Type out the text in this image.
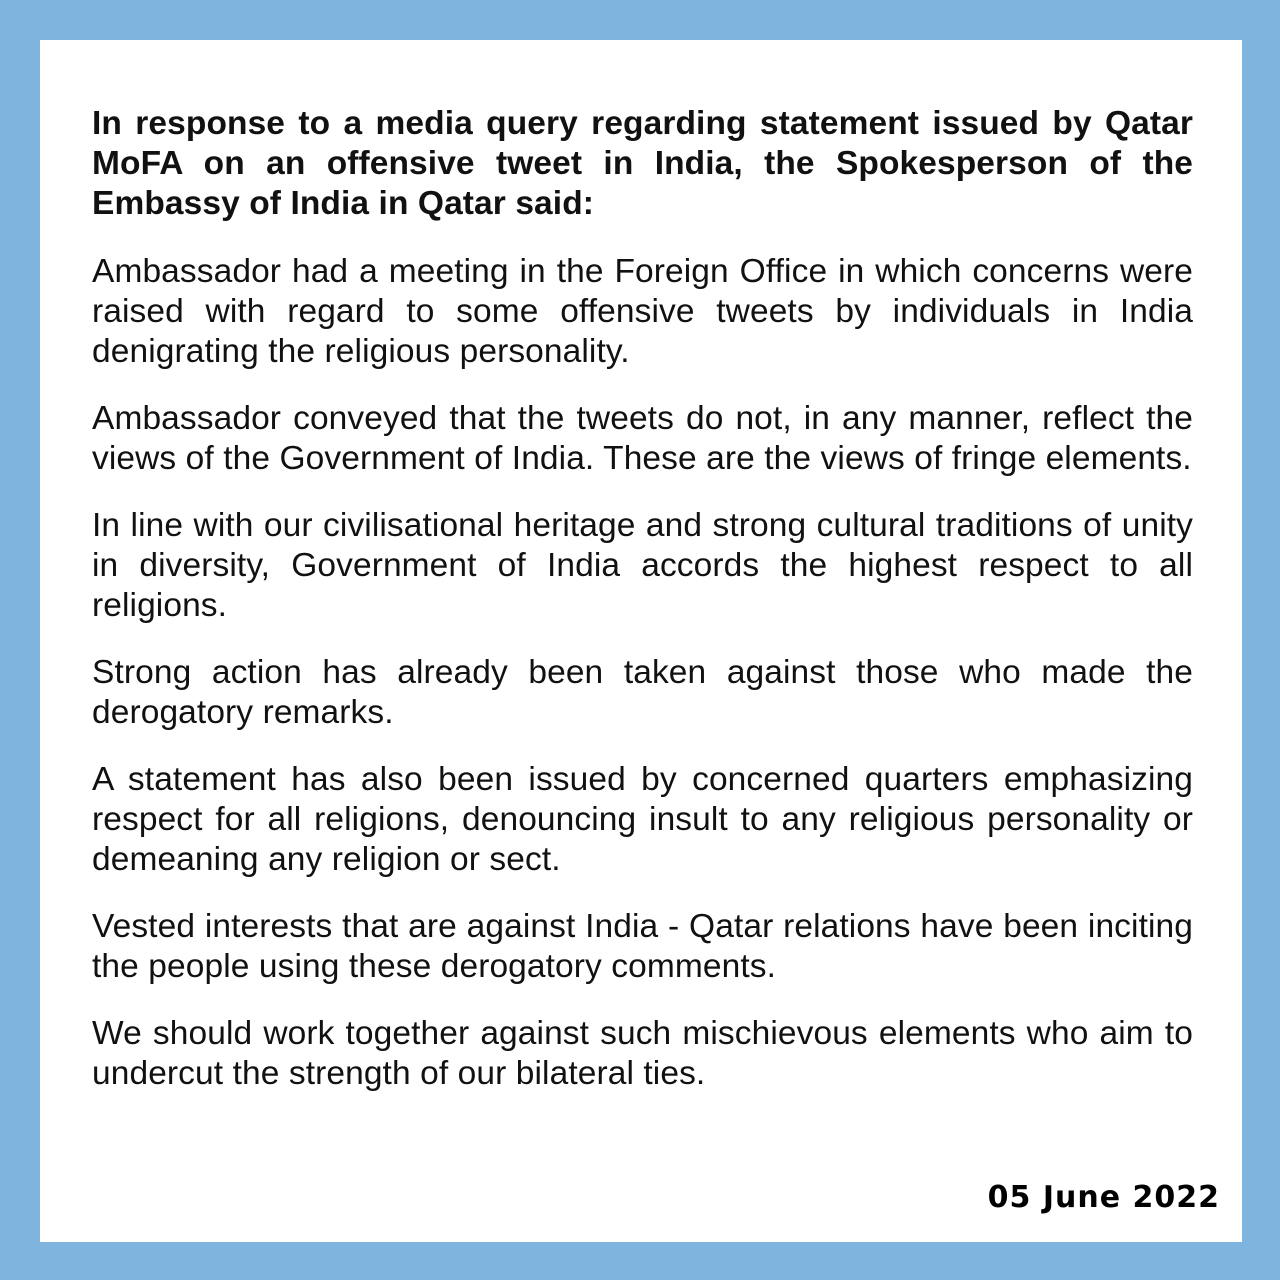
In response to a media query regarding statement issued by Qatar MoFA on an offensive tweet in India, the Spokesperson of the Embassy of India in Qatar said:

Ambassador had a meeting in the Foreign Office in which concerns were raised with regard to some offensive tweets by individuals in India denigrating the religious personality.

Ambassador conveyed that the tweets do not, in any manner, reflect the views of the Government of India. These are the views of fringe elements.

In line with our civilisational heritage and strong cultural traditions of unity in diversity, Government of India accords the highest respect to all religions.

Strong action has already been taken against those who made the derogatory remarks.

A statement has also been issued by concerned quarters emphasizing respect for all religions, denouncing insult to any religious personality or demeaning any religion or sect.

Vested interests that are against India - Qatar relations have been inciting the people using these derogatory comments.

We should work together against such mischievous elements who aim to undercut the strength of our bilateral ties.

05 June 2022
